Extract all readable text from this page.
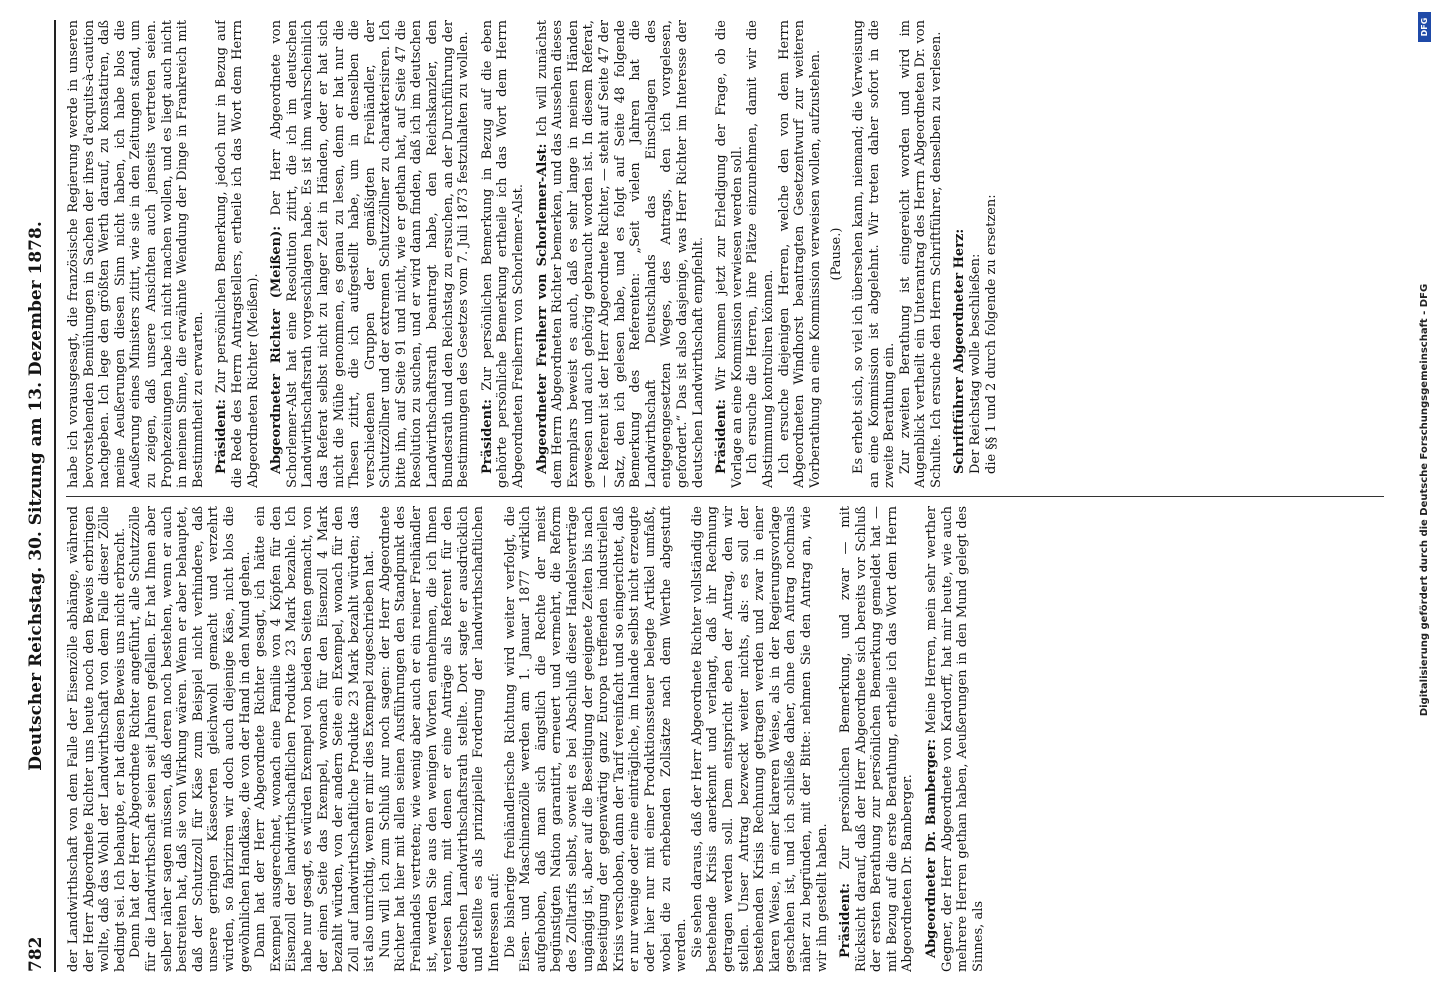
782
Deutscher Reichstag. 30. Sitzung am 13. Dezember 1878. der Landwirthschaft von dem Falle der Eisenzölle abhänge, während der Herr Abgeordnete Richter uns heute noch den Beweis erbringen wollte, daß das Wohl der Landwirthschaft von dem Falle dieser Zölle bedingt sei. Ich behaupte, er hat diesen Beweis uns nicht erbracht. Denn hat der Herr Abgeordnete Richter angeführt, alle Schutzzölle für die Landwirthschaft seien seit Jahren gefallen. Er hat Ihnen aber selber näher sagen müssen, daß deren noch bestehen, wenn er auch bestreiten hat, daß sie von Wirkung wären. Wenn er aber behauptet, daß der Schutzzoll für Käse zum Beispiel nicht verhindere, daß unsere geringen Käsesorten gleichwohl gemacht und verzehrt würden, so fabriziren wir doch auch diejenige Käse, nicht blos die gewöhnlichen Handkäse, die von der Hand in den Mund gehen. Dann hat der Herr Abgeordnete Richter gesagt, ich hätte ein Exempel ausgerechnet, wonach eine Familie von 4 Köpfen für den Eisenzoll der landwirthschaftlichen Produkte 23 Mark bezahle. Ich habe nur gesagt, es würden Exempel von beiden Seiten gemacht, von der einen Seite das Exempel, wonach für den Eisenzoll 4 Mark bezahlt würden, von der andern Seite ein Exempel, wonach für den Zoll auf landwirthschaftliche Produkte 23 Mark bezahlt würden; das ist also unrichtig, wenn er mir dies Exempel zugeschrieben hat. Nun will ich zum Schluß nur noch sagen: der Herr Abgeordnete Richter hat hier mit allen seinen Ausführungen den Standpunkt des Freihandels vertreten; wie wenig aber auch er ein reiner Freihändler ist, werden Sie aus den wenigen Worten entnehmen, die ich Ihnen verlesen kann, mit denen er eine Anträge als Referent für den deutschen Landwirthschaftsrath stellte. Dort sagte er ausdrücklich und stellte es als prinzipielle Forderung der landwirthschaftlichen Interessen auf: Die bisherige freihändlerische Richtung wird weiter verfolgt, die Eisen- und Maschinenzölle werden am 1. Januar 1877 wirklich aufgehoben, daß man sich ängstlich die Rechte der meist begünstigten Nation garantirt, erneuert und vermehrt, die Reform des Zolltarifs selbst, soweit es bei Abschluß dieser Handelsverträge ungängig ist, aber auf die Beseitigung der geeignete Zeiten bis nach Beseitigung der gegenwärtig ganz Europa treffenden industriellen Krisis verschoben, dann der Tarif vereinfacht und so eingerichtet, daß er nur wenige oder eine einträgliche, im Inlande selbst nicht erzeugte oder hier nur mit einer Produktionssteuer belegte Artikel umfaßt, wobei die zu erhebenden Zollsätze nach dem Werthe abgestuft werden. Sie sehen daraus, daß der Herr Abgeordnete Richter vollständig die bestehende Krisis anerkennt und verlangt, daß ihr Rechnung getragen werden soll. Dem entspricht eben der Antrag, den wir stellen. Unser Antrag bezweckt weiter nichts, als: es soll der bestehenden Krisis Rechnung getragen werden und zwar in einer klaren Weise, in einer klareren Weise, als in der Regierungsvorlage geschehen ist, und ich schließe daher, ohne den Antrag nochmals näher zu begründen, mit der Bitte: nehmen Sie den Antrag an, wie wir ihn gestellt haben. Präsident: Zur persönlichen Bemerkung, und zwar — mit Rücksicht darauf, daß der Herr Abgeordnete sich bereits vor Schluß der ersten Berathung zur persönlichen Bemerkung gemeldet hat — mit Bezug auf die erste Berathung, ertheile ich das Wort dem Herrn Abgeordneten Dr. Bamberger. Abgeordneter Dr. Bamberger: Meine Herren, mein sehr werther Gegner, der Herr Abgeordnete von Kardorff, hat mir heute, wie auch mehrere Herren gethan haben, Aeußerungen in den Mund gelegt des Sinnes, als

habe ich vorausgesagt, die französische Regierung werde in unseren bevorstehenden Bemühungen in Sachen der ihres d'acquits-à-caution nachgeben. Ich lege den größten Werth darauf, zu konstatiren, daß meine Aeußerungen diesen Sinn nicht haben, ich habe blos die Aeußerung eines Ministers zitirt, wie sie in den Zeitungen stand, um zu zeigen, daß unsere Ansichten auch jenseits vertreten seien. Prophezeiungen habe ich nicht machen wollen, und es liegt auch nicht in meinem Sinne, die erwähnte Wendung der Dinge in Frankreich mit Bestimmtheit zu erwarten. Präsident: Zur persönlichen Bemerkung, jedoch nur in Bezug auf die Rede des Herrn Antragstellers, ertheile ich das Wort dem Herrn Abgeordneten Richter (Meißen). Abgeordneter Richter (Meißen): Der Herr Abgeordnete von Schorlemer-Alst hat eine Resolution zitirt, die ich im deutschen Landwirthschaftsrath vorgeschlagen habe. Es ist ihm wahrscheinlich das Referat selbst nicht zu langer Zeit in Händen, oder er hat sich nicht die Mühe genommen, es genau zu lesen, denn er hat nur die Thesen zitirt, die ich aufgestellt habe, um in denselben die verschiedenen Gruppen der gemäßigten Freihändler, der Schutzzöllner und der extremen Schutzzöllner zu charakterisiren. Ich bitte ihn, auf Seite 91 und nicht, wie er gethan hat, auf Seite 47 die Resolution zu suchen, und er wird dann finden, daß ich im deutschen Landwirthschaftsrath beantragt habe, den Reichskanzler, den Bundesrath und den Reichstag zu ersuchen, an der Durchführung der Bestimmungen des Gesetzes vom 7. Juli 1873 festzuhalten zu wollen. Präsident: Zur persönlichen Bemerkung in Bezug auf die eben gehörte persönliche Bemerkung ertheile ich das Wort dem Herrn Abgeordneten Freiherrn von Schorlemer-Alst. Abgeordneter Freiherr von Schorlemer-Alst: Ich will zunächst dem Herrn Abgeordneten Richter bemerken, und das Aussehen dieses Exemplars beweist es auch, daß es sehr lange in meinen Händen gewesen und auch gehörig gebraucht worden ist. In diesem Referat, — Referent ist der Herr Abgeordnete Richter, — steht auf Seite 47 der Satz, den ich gelesen habe, und es folgt auf Seite 48 folgende Bemerkung des Referenten: „Seit vielen Jahren hat die Landwirthschaft Deutschlands das Einschlagen des entgegengesetzten Weges, des Antrags, den ich vorgelesen, gefordert.“ Das ist also dasjenige, was Herr Richter im Interesse der deutschen Landwirthschaft empfiehlt. Präsident: Wir kommen jetzt zur Erledigung der Frage, ob die Vorlage an eine Kommission verwiesen werden soll. Ich ersuche die Herren, ihre Plätze einzunehmen, damit wir die Abstimmung kontroliren können. Ich ersuche diejenigen Herren, welche den von dem Herrn Abgeordneten Windhorst beantragten Gesetzentwurf zur weiteren Vorberathung an eine Kommission verweisen wollen, aufzustehen. (Pause.) Es erhebt sich, so viel ich übersehen kann, niemand; die Verweisung an eine Kommission ist abgelehnt. Wir treten daher sofort in die zweite Berathung ein. Zur zweiten Berathung ist eingereicht worden und wird im Augenblick vertheilt ein Unterantrag des Herrn Abgeordneten Dr. von Schulte. Ich ersuche den Herrn Schriftführer, denselben zu verlesen. Schriftführer Abgeordneter Herz: Der Reichstag wolle beschließen: die §§ 1 und 2 durch folgende zu ersetzen:	Digitalisierung gefördert durch die Deutsche Forschungsgemeinschaft - DFG
DFG
